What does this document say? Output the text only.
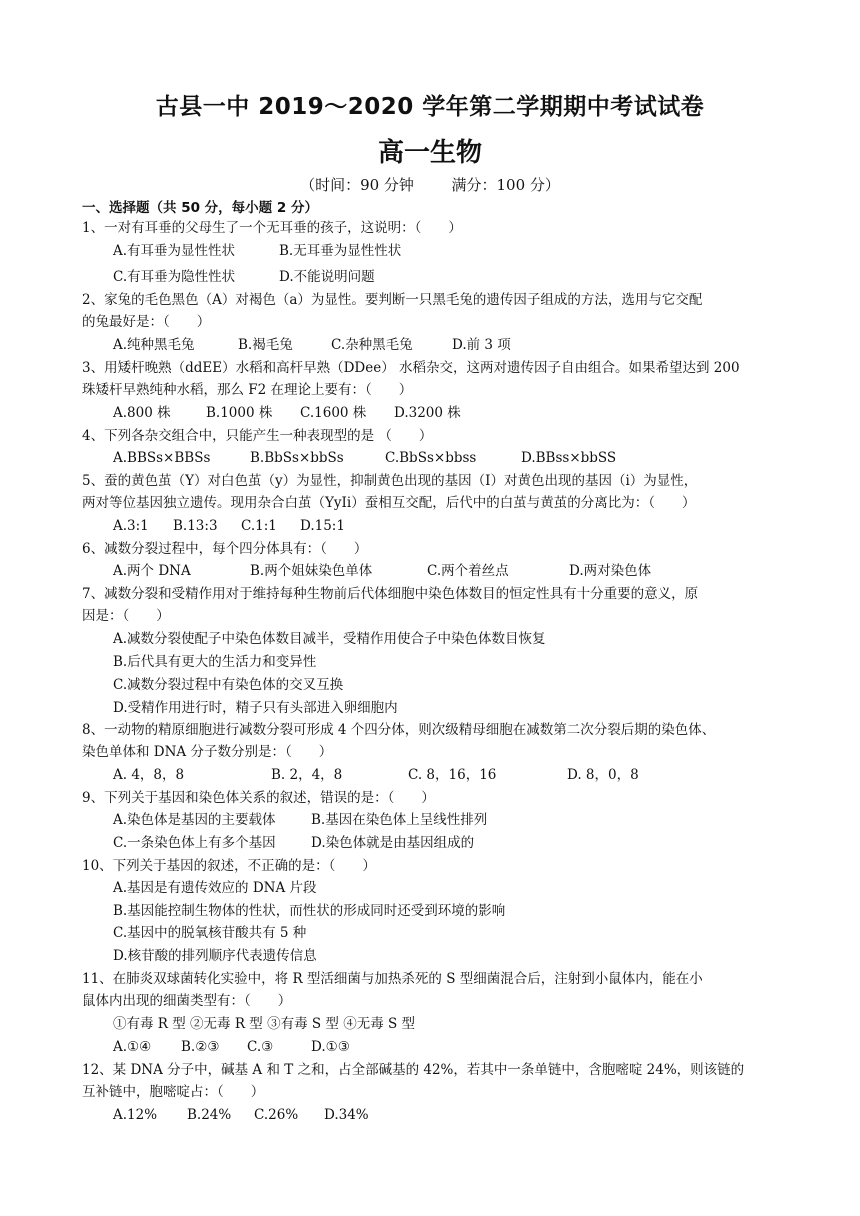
古县一中 2019～2020 学年第二学期期中考试试卷
高一生物
（时间：90 分钟	满分：100 分）
一、选择题（共 50 分，每小题 2 分）
1、一对有耳垂的父母生了一个无耳垂的孩子，这说明：（　　）
A.有耳垂为显性性状	B.无耳垂为显性性状
C.有耳垂为隐性性状	D.不能说明问题
2、家兔的毛色黑色（A）对褐色（a）为显性。要判断一只黑毛兔的遗传因子组成的方法，选用与它交配
的兔最好是：（　　）
A.纯种黑毛兔	B.褐毛兔	C.杂种黑毛兔	D.前 3 项
3、用矮杆晚熟（ddEE）水稻和高杆早熟（DDee） 水稻杂交，这两对遗传因子自由组合。如果希望达到 200
珠矮杆早熟纯种水稻，那么 F2 在理论上要有：（　　）
A.800 株	B.1000 株 C.1600 株 D.3200 株
4、下列各杂交组合中，只能产生一种表现型的是 （　　）
A.BBSs×BBSs	B.BbSs×bbSs	C.BbSs×bbss	D.BBss×bbSS
5、蚕的黄色茧（Y）对白色茧（y）为显性，抑制黄色出现的基因（I）对黄色出现的基因（i）为显性，
两对等位基因独立遗传。现用杂合白茧（YyIi）蚕相互交配，后代中的白茧与黄茧的分离比为：（　　）
A.3:1 B.13:3 C.1:1 D.15:1
6、减数分裂过程中，每个四分体具有：（　　）
A.两个 DNA	B.两个姐妹染色单体	C.两个着丝点	D.两对染色体
7、减数分裂和受精作用对于维持每种生物前后代体细胞中染色体数目的恒定性具有十分重要的意义，原
因是：（　　）
A.减数分裂使配子中染色体数目减半，受精作用使合子中染色体数目恢复
B.后代具有更大的生活力和变异性
C.减数分裂过程中有染色体的交叉互换
D.受精作用进行时，精子只有头部进入卵细胞内
8、一动物的精原细胞进行减数分裂可形成 4 个四分体，则次级精母细胞在减数第二次分裂后期的染色体、
染色单体和 DNA 分子数分别是：（　　）
A. 4，8，8	B. 2，4，8	C. 8，16，16	D. 8，0，8
9、下列关于基因和染色体关系的叙述，错误的是：（　　）
A.染色体是基因的主要载体	B.基因在染色体上呈线性排列
C.一条染色体上有多个基因	D.染色体就是由基因组成的
10、下列关于基因的叙述，不正确的是：（　　）
A.基因是有遗传效应的 DNA 片段
B.基因能控制生物体的性状，而性状的形成同时还受到环境的影响
C.基因中的脱氧核苷酸共有 5 种
D.核苷酸的排列顺序代表遗传信息
11、在肺炎双球菌转化实验中，将 R 型活细菌与加热杀死的 S 型细菌混合后，注射到小鼠体内，能在小
鼠体内出现的细菌类型有：（　　）
①有毒 R 型 ②无毒 R 型 ③有毒 S 型 ④无毒 S 型
A.①④ B.②③ C.③	D.①③
12、某 DNA 分子中，碱基 A 和 T 之和，占全部碱基的 42%，若其中一条单链中，含胞嘧啶 24%，则该链的
互补链中，胞嘧啶占：（　　）
A.12% B.24% C.26% D.34%
